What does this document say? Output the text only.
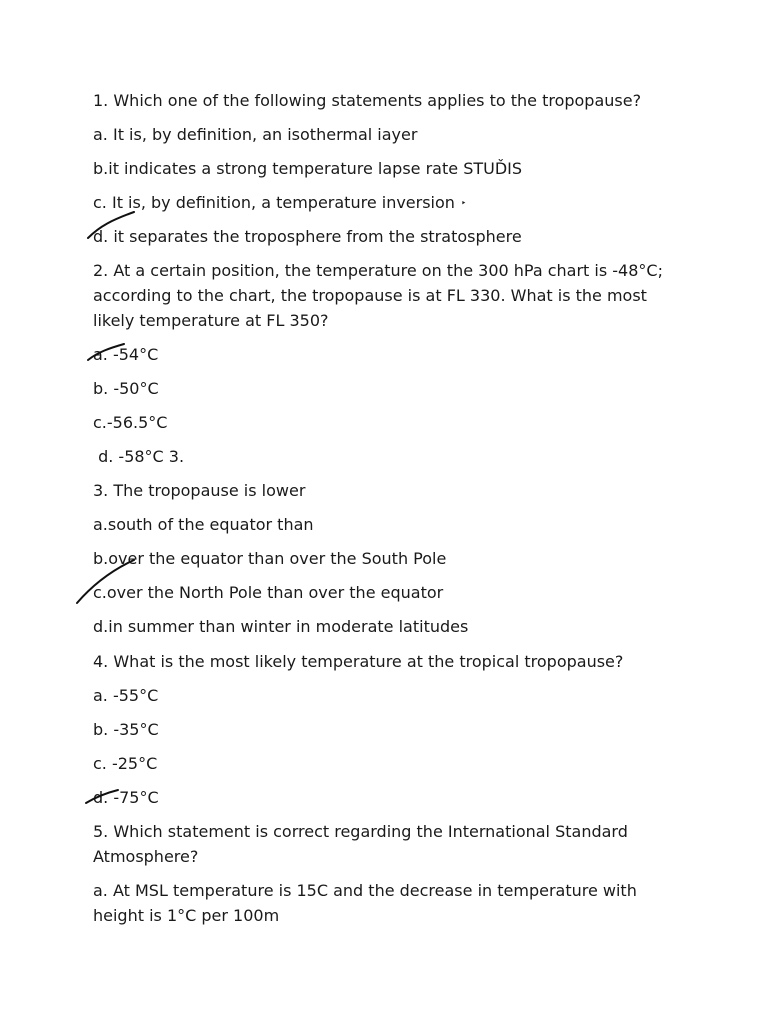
1. Which one of the following statements applies to the tropopause?
a. It is, by definition, an isothermal iayer
b.it indicates a strong temperature lapse rate STUĎIS
c. It is, by definition, a temperature inversion ‣
d. it separates the troposphere from the stratosphere
2. At a certain position, the temperature on the 300 hPa chart is -48°C; according to the chart, the tropopause is at FL 330. What is the most likely temperature at FL 350?
a. -54°C
b. -50°C
c.-56.5°C
d. -58°C 3.
3. The tropopause is lower
a.south of the equator than
b.over the equator than over the South Pole
c.over the North Pole than over the equator
d.in summer than winter in moderate latitudes
4. What is the most likely temperature at the tropical tropopause?
a. -55°C
b. -35°C
c. -25°C
d. -75°C
5. Which statement is correct regarding the International Standard Atmosphere?
a. At MSL temperature is 15C and the decrease in temperature with height is 1°C per 100m
